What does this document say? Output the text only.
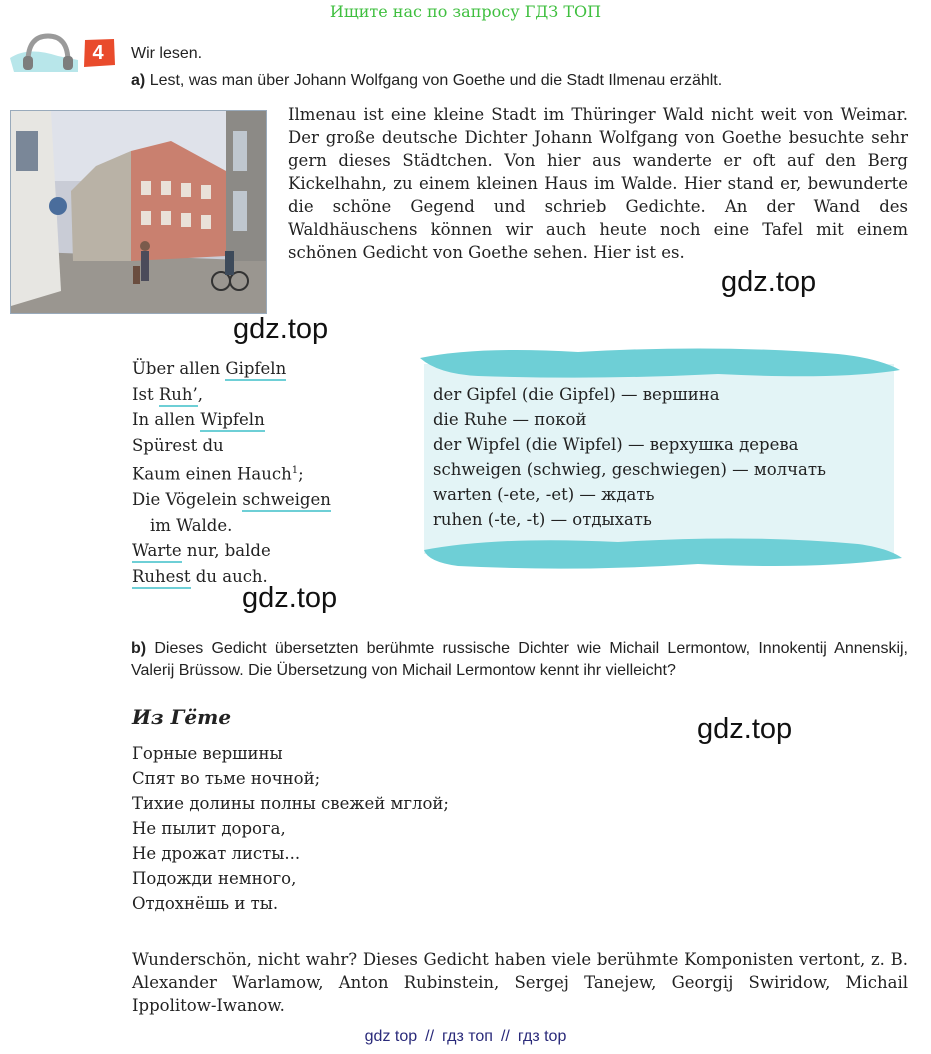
Ищите нас по запросу ГДЗ ТОП
4	Wir lesen.
a) Lest, was man über Johann Wolfgang von Goethe und die Stadt Ilmenau erzählt.
Ilmenau ist eine kleine Stadt im Thüringer Wald nicht weit von Weimar. Der große deutsche Dichter Johann Wolfgang von Goethe besuchte sehr gern dieses Städtchen. Von hier aus wanderte er oft auf den Berg Kickelhahn, zu einem kleinen Haus im Walde. Hier stand er, bewunderte die schöne Gegend und schrieb Gedichte. An der Wand des Waldhäuschens können wir auch heute noch eine Tafel mit einem schönen Gedicht von Goethe sehen. Hier ist es.
gdz.top
gdz.top
gdz.top
gdz.top
Über allen Gipfeln
Ist Ruh’,
In allen Wipfeln
Spürest du
Kaum einen Hauch$^1$;
Die Vögelein schweigen
im Walde.
Warte nur, balde
Ruhest du auch.
der Gipfel (die Gipfel) — вершина
die Ruhe — покой
der Wipfel (die Wipfel) — верхушка дерева
schweigen (schwieg, geschwiegen) — молчать
warten (-ete, -et) — ждать
ruhen (-te, -t) — отдыхать
b) Dieses Gedicht übersetzten berühmte russische Dichter wie Michail Lermontow, Innokentij Annenskij, Valerij Brüssow. Die Übersetzung von Michail Lermontow kennt ihr vielleicht?
Из Гёте
Горные вершины
Спят во тьме ночной;
Тихие долины полны свежей мглой;
Не пылит дорога,
Не дрожат листы...
Подожди немного,
Отдохнёшь и ты.
Wunderschön, nicht wahr? Dieses Gedicht haben viele berühmte Komponisten vertont, z. B. Alexander Warlamow, Anton Rubinstein, Sergej Tanejew, Georgij Swiridow, Michail Ippolitow-Iwanow.
gdz top // гдз топ // гдз top
